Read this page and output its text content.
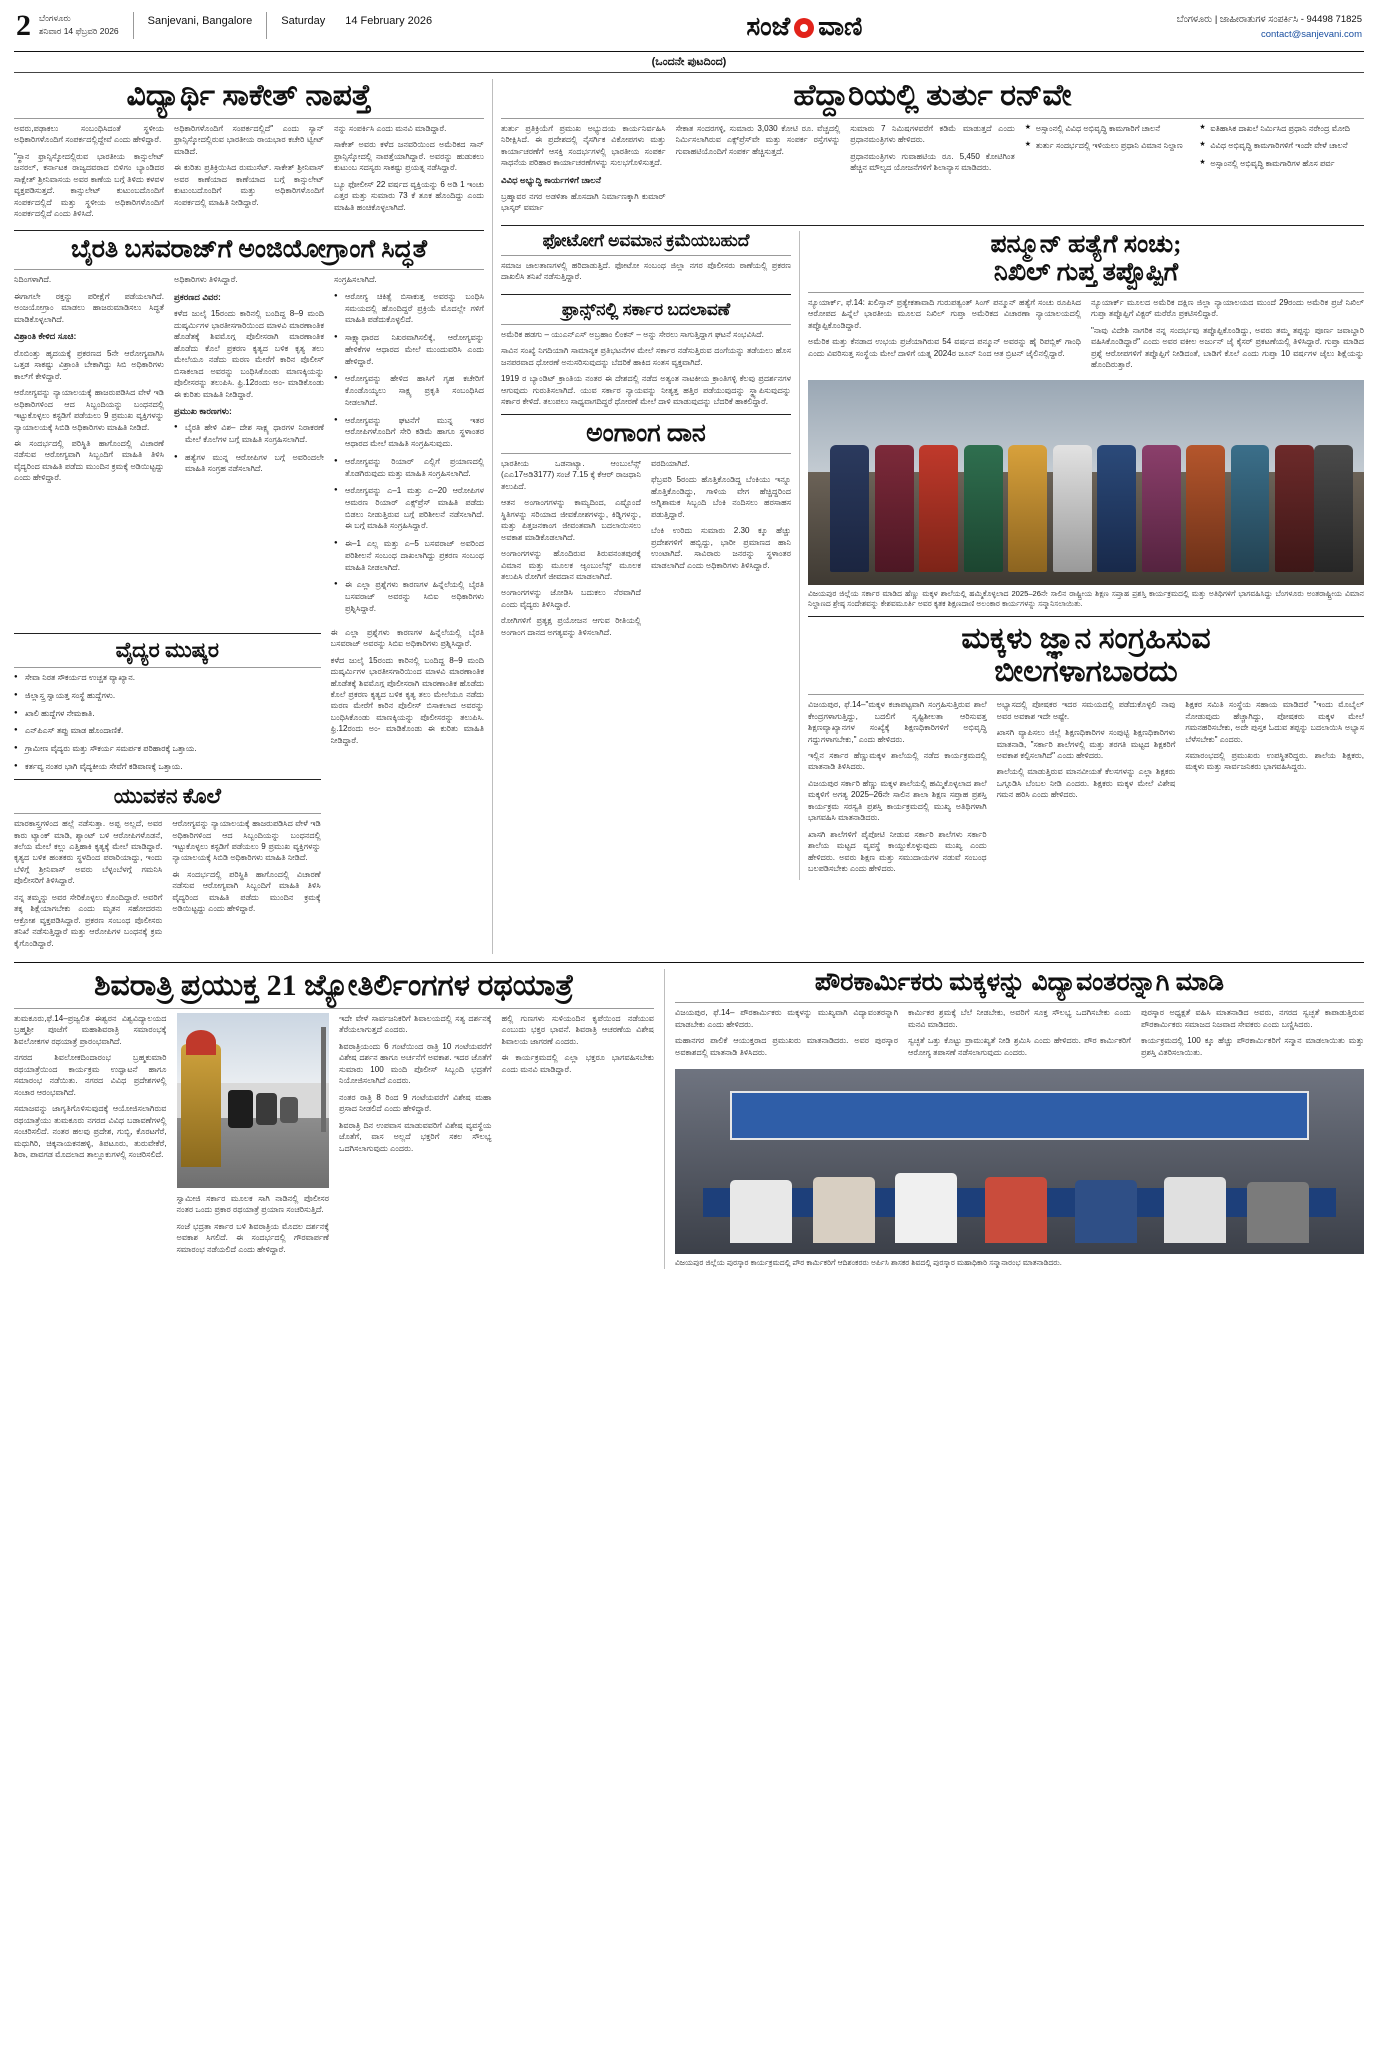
2 ಬೆಂಗಳೂರು
ಶನಿವಾರ 14 ಫೆಬ್ರವರಿ 2026
Sanjevani, Bangalore	Saturday	14 February 2026	ಸಂಜೆ ವಾಣಿ	ಬೆಂಗಳೂರು | ಜಾಹೀರಾತುಗಳ ಸಂಪರ್ಕಿಸಿ - 94498 71825
contact@sanjevani.com
(ಒಂದನೇ ಪುಟದಿಂದ)
ವಿದ್ಯಾರ್ಥಿ ಸಾಕೇತ್ ನಾಪತ್ತೆ

ಅವರು,ಪಢಾಕಲು ಸಂಬಂಧಿಸಿದಂತೆ ಸ್ಥಳೀಯ ಅಧಿಕಾರಿಗಳೊಂದಿಗೆ ಸಂಪರ್ಕದಲ್ಲಿದ್ದೇವೆ ಎಂದು ಹೇಳಿದ್ದಾರೆ.

"ಸ್ಥಾನ ಫ್ರಾನ್ಸಿಸ್ಕೋದಲ್ಲಿರುವ ಭಾರತೀಯ ಕಾನ್ಸುಲೇಟ್ ಜನರಲ್, ಕರ್ನಾಟಕ ರಾಜ್ಯದವರಾದ ಬಿಳಿಗಂ ಬ್ಯಾಂಡಿದರ ಸಾಕ್ಷೇತ್ ಶ್ರೀನಿವಾಸಯ ಅವರ ಕಾಣೆಯ ಬಗ್ಗೆ ತಿಳಿದು ಕಳವಳ ವ್ಯಕ್ತಪಡಿಸುತ್ತದೆ. ಕಾನ್ಸುಲೇಟ್ ಕುಟುಂಬದೊಂದಿಗೆ ಸಂಪರ್ಕದಲ್ಲಿದೆ ಮತ್ತು ಸ್ಥಳೀಯ ಅಧಿಕಾರಿಗಳೊಂದಿಗೆ ಸಂಪರ್ಕದಲ್ಲಿದೆ ಎಂದು ತಿಳಿಸಿದೆ.

ಅಧಿಕಾರಿಗಳೊಂದಿಗೆ ಸಂಪರ್ಕದಲ್ಲಿದೆ" ಎಂದು ಸ್ಯಾನ್ ಫ್ರಾನ್ಸಿಸ್ಕೋದಲ್ಲಿರುವ ಭಾರತೀಯ ರಾಯಭಾರ ಕಚೇರಿ ಟ್ವೀಟ್ ಮಾಡಿದೆ.

ಈ ಕುರಿತು ಪ್ರತಿಕ್ರಿಯಿಸಿದ ರುಮುಸೆಟ್. ಸಾಕೇತ್ ಶ್ರೀನಿವಾಸ್ ಅವರ ಕಾಣೆಯಾದ ಕಾಣೆಯಾದ ಬಗ್ಗೆ ಕಾನ್ಸುಲೇಟ್ ಕುಟುಂಬದೊಂದಿಗೆ ಮತ್ತು ಅಧಿಕಾರಿಗಳೊಂದಿಗೆ ಸಂಪರ್ಕದಲ್ಲಿ ಮಾಹಿತಿ ನೀಡಿದ್ದಾರೆ.

ನನ್ನು ಸಂಪರ್ಕಿಸಿ ಎಂದು ಮನವಿ ಮಾಡಿದ್ದಾರೆ.

ಸಾಕೇತ್ ಅವರು ಕಳೆದ ಜನವರಿಯಿಂದ ಅಮೆರಿಕದ ಸಾನ್ ಫ್ರಾನ್ಸಿಸ್ಕೋದಲ್ಲಿ ನಾಪತ್ತೆಯಾಗಿದ್ದಾರೆ. ಅವರನ್ನು ಹುಡುಕಲು ಕುಟುಂಬ ಸದಸ್ಯರು ಸಾಕಷ್ಟು ಪ್ರಯತ್ನ ನಡೆಸಿದ್ದಾರೆ.

ಬ್ಯೂ ಫೋಲೀಸ್ 22 ವರ್ಷದ ವ್ಯಕ್ತಿಯನ್ನು 6 ಅಡಿ 1 ಇಂಚು ಎತ್ತರ ಮತ್ತು ಸುಮಾರು 73 ಕೆ ತೂಕ ಹೊಂದಿದ್ದು ಎಂದು ಮಾಹಿತಿ ಹಂಚಿಕೊಳ್ಳಲಾಗಿದೆ.

ಬೈರತಿ ಬಸವರಾಜ್‌ಗೆ ಅಂಜಿಯೋಗ್ರಾಂಗೆ ಸಿದ್ಧತೆ

ನಿದಿಂಗಳಾಗಿದೆ.

ಈಗಾಗಲೇ ರಕ್ತನ್ನು ಪರೀಕ್ಷೆಗೆ ಪಡೆಯಲಾಗಿದೆ. ಅಂಜಯೋಗ್ರಾಂ ಮಾಡಲು ಹಾಜರುಮಾಡಿಸಲು ಸಿದ್ಧತೆ ಮಾಡಿಕೊಳ್ಳಲಾಗಿದೆ.

ವಿಶ್ರಾಂತಿ ಕೇಳಿದ ಸೂಚಿ:

ರೊಬಿಂತ್ತು ಹೃದಯಕ್ಕೆ ಪ್ರಕರಣದ 5ನೇ ಆರೋಗ್ಯವಾಗಿಸಿ ಒತ್ತಡ ಸಾಕಷ್ಟು ವಿಶ್ರಾಂತಿ ಬೇಕಾಗಿದ್ದು ಸಿಬಿ ಅಧಿಕಾರಿಗಳು ಕಾಲ್‌ಗೆ ಕೇಳಿದ್ದಾರೆ.

ಆರೋಗ್ಯವನ್ನು ನ್ಯಾಯಾಲಯಕ್ಕೆ ಹಾಜರುಪಡಿಸಿದ ವೇಳೆ ಇಡಿ ಅಧಿಕಾರಿಗಳಿಂದ ಆದ ಸಿಬ್ಬಂದಿಯನ್ನು ಬಂಧನದಲ್ಲಿ ಇಟ್ಟುಕೊಳ್ಳಲು ಕಸ್ಟಡಿಗೆ ಪಡೆಯಲು 9 ಪ್ರಮುಖ ವ್ಯಕ್ತಿಗಳನ್ನು ನ್ಯಾಯಾಲಯಕ್ಕೆ ಸಿಬಿಡಿ ಅಧಿಕಾರಿಗಳು ಮಾಹಿತಿ ನೀಡಿದೆ.

ಈ ಸಂದರ್ಭದಲ್ಲಿ ಪರಿಸ್ಥಿತಿ ಹಾಗೊಂದಲ್ಲಿ ವಿಚಾರಣೆ ನಡೆಸುವ ಆರೋಗ್ಯವಾಗಿ ಸಿಬ್ಬಂದಿಗೆ ಮಾಹಿತಿ ತಿಳಿಸಿ ವೈದ್ಯರಿಂದ ಮಾಹಿತಿ ಪಡೆದು ಮುಂದಿನ ಕ್ರಮಕ್ಕೆ ಅಡಿಯಿಟ್ಟದ್ದು ಎಂದು ಹೇಳಿದ್ದಾರೆ.

ಅಧಿಕಾರಿಗಳು ತಿಳಿಸಿದ್ದಾರೆ.

ಪ್ರಕರಣದ ವಿವರ:

ಕಳೆದ ಜುಲೈ 15ರಂದು ಕಾರಿನಲ್ಲಿ ಬಂದಿದ್ದ 8–9 ಮಂದಿ ದುಷ್ಕರ್ಮಿಗಳ ಭಾರತೀಸಗಾರಿಯಿಂದ ಮಾಳವಿ ಮಾರಣಾಂತಿಕ ಹೊಡೆತಕ್ಕೆ ಶಿವಮೊಗ್ಗ ಪೊಲೀಸರಾಗಿ ಮಾರಣಾಂತಿಕ ಹೊಡೆದು ಕೊಲೆ ಪ್ರಕರಣ ಕೃತ್ಯದ ಬಳಿಕ ಕೃತ್ಯ ತಲು ಮೇಲೆಯೂ ನಡೆದು ಮರಣ ಮೇರೆಗೆ ಕಾರಿನ ಪೊಲೀಸ್ ಬಿಸಾಕಲಾದ ಅವರನ್ನು ಬಂಧಿಸಿಕೊಂಡು ಮಾಣಕ್ಕಿಯನ್ನು ಪೊಲೀಸರನ್ನು ತಲುಪಿಸಿ. ಫ್ರಿ.12ರಂದು ಅಂ- ಮಾಡಿಕೊಂಡು ಈ ಕುರಿತು ಮಾಹಿತಿ ನೀಡಿದ್ದಾರೆ.

ಪ್ರಮುಖ ಕಾರಣಗಳು:

● ಬೈರತಿ ಹೇಳಿ ವಿಶ– ದೇಶ ಸಾಕ್ಷ್ಯ ಧಾರಗಳ ನಿರಾಕರಣೆ ಮೇಲೆ ಕೊಲೆಗಳ ಬಗ್ಗೆ ಮಾಹಿತಿ ಸಂಗ್ರಹಿಸಲಾಗಿದೆ.
● ಹತ್ಯೆಗಳ ಮುನ್ನ ಆರೋಪಿಗಳ ಬಗ್ಗೆ ಅವರಿಂದಲೇ ಮಾಹಿತಿ ಸಂಗ್ರಹ ನಡೆಸಲಾಗಿದೆ.

ಸಂಗ್ರಹಿಸಲಾಗಿದೆ.

● ಆರೋಗ್ಯ ಚಿಕಿತ್ಸೆ ಬಿಸಾಕುತ್ತ ಅವರನ್ನು ಬಂಧಿಸಿ ಸಮಯದಲ್ಲಿ ಹೊಂದಿದ್ದರೆ ಪ್ರಕ್ರಿಯೆ ಮೊದಲ್ಲೇ ಗಳಿಗೆ ಮಾಹಿತಿ ಪಡೆದುಕೊಳ್ಳಲಿದೆ.
● ಸಾಕ್ಷ್ಯಾಧಾರದ ನಿಖರವಾಗಿಸಲಿಕ್ಕೆ, ಆರೋಗ್ಯವನ್ನು ಹೇಳಿಕೆಗಳ ಆಧಾರದ ಮೇಲೆ ಮುಂದುವರಿಸಿ ಎಂದು ಹೇಳಿದ್ದಾರೆ.
● ಆರೋಗ್ಯವನ್ನು ಹೇಳಿದ ಹಾಸಿಗೆ ಗೃಹ ಕಚೇರಿಗೆ ಕೊಂಡೊಯ್ಯಲು ಸಾಕ್ಷ್ಯ ಪ್ರಕೃತಿ ಸಂಬಂಧಿಸಿದ ನೀಡಲಾಗಿದೆ.
● ಆರೋಗ್ಯವನ್ನು ಘಟನೆಗೆ ಮುನ್ನ ಇತರ ಆರೋಪಿಗಳೊಂದಿಗೆ ಸೇರಿ ಕಡಿಮೆ ಹಾಗೂ ಸ್ಥಳಾಂತರ ಆಧಾರದ ಮೇಲೆ ಮಾಹಿತಿ ಸಂಗ್ರಹಿಸುವುದು.
● ಆರೋಗ್ಯವನ್ನು ರಿಯಾರ್ ಎಲ್ಲಿಗೆ ಪ್ರಯಾಣದಲ್ಲಿ ತೊಡಗಿರುವುದು ಮತ್ತು ಮಾಹಿತಿ ಸಂಗ್ರಹಿಸಲಾಗಿದೆ.
● ಆರೋಗ್ಯವನ್ನು ಎ–1 ಮತ್ತು ಎ–20 ಆರೋಪಿಗಳ ಆಮರಣ ರಿಯಾರ್ ಎಕ್ಸ್‌ಪ್ರೆಸ್ ಮಾಹಿತಿ ಪಡೆದು ಬಿಡಲು ನೀಡುತ್ತಿರುವ ಬಗ್ಗೆ ಪರಿಶೀಲನೆ ನಡೆಸಲಾಗಿದೆ. ಈ ಬಗ್ಗೆ ಮಾಹಿತಿ ಸಂಗ್ರಹಿಸಿದ್ದಾರೆ.
● ಈ–1 ಎಲ್ಲ ಮತ್ತು ಎ–5 ಬಸವರಾಜ್ ಅವರಿಂದ ಪರಿಶೀಲನೆ ಸಂಬಂಧ ದಾಖಲಾಗಿದ್ದು ಪ್ರಕರಣ ಸಂಬಂಧ ಮಾಹಿತಿ ನೀಡಲಾಗಿದೆ.
● ಈ ಎಲ್ಲಾ ಪ್ರಶ್ನೆಗಳು ಕಾರಣಗಳ ಹಿನ್ನೆಲೆಯಲ್ಲಿ ಬೈರತಿ ಬಸವರಾಜ್ ಅವರನ್ನು ಸಿಬಿಐ ಅಧಿಕಾರಿಗಳು ಪ್ರಶ್ನಿಸಿದ್ದಾರೆ.
ವೈದ್ಯರ ಮುಷ್ಕರ
● ಸೇವಾ ನಿರತ ಸೌಕರ್ಯದ ಉಚ್ಚತ ವ್ಯಾಖ್ಯಾನ.
● ಜಿಲ್ಲಾಸ್ತ್ರ ಸ್ವಾಯತ್ತ ಸಂಸ್ಥೆ ಹುದ್ದೆಗಳು.
● ಖಾಲಿ ಹುದ್ದೆಗಳ ನೇಮಕಾತಿ.
● ಎನ್‌ಪಿಎಸ್ ತಪ್ಪು ಮಾಡ ಹೊಂದಾಣಿಕೆ.
● ಗ್ರಾಮೀಣ ವೈದ್ಯರು ಮತ್ತು ಸೌಕರ್ಯ ಸಮರ್ಪಕ ಪರಿಹಾರಕ್ಕೆ ಒತ್ತಾಯ.
● ಕರ್ತವ್ಯ ನಂತರ ಭಾಗಿ ವೈದ್ಯಕೀಯ ಸೇವೆಗೆ ಕಡಿವಾಣಕ್ಕೆ ಒತ್ತಾಯ.
ಯುವಕನ ಕೊಲೆ

ಮಾರಕಾಸ್ತ್ರಗಳಿಂದ ಹಲ್ಲೆ ನಡೆಸುತ್ತಾ. ಅಪ್ಪ ಅಲ್ಲದೆ, ಅವರ ಕಾರು ಟ್ಯಾಂಕ್ ಮಾಡಿ, ಶ್ಯಾಂಟ್ ಬಳಿ ಆರೋಪಿಗಳೊಡನೆ, ತಲೆಯ ಮೇಲೆ ಕಲ್ಲು ಎತ್ತಿಹಾಕಿ ಕೃತ್ಯಕ್ಕೆ ಮೇಲೆ ಮಾಡಿದ್ದಾರೆ. ಕೃತ್ಯದ ಬಳಿಕ ಹಂತಕರು ಸ್ಥಳದಿಂದ ಪರಾರಿಯಾದ್ದು, ಇಂದು ಬೆಳಿಗ್ಗೆ ಶ್ರೀನಿವಾಸ್ ಅವರು ಬೆಳ್ಳಂಬೆಳಗ್ಗೆ ಗಮನಿಸಿ ಪೊಲೀಸರಿಗೆ ತಿಳಿಸಿದ್ದಾರೆ.

ನನ್ನ ತಮ್ಮನ್ನು ಅವರ ಸೇರಿಕೊಳ್ಳಲು ಕೊಂದಿದ್ದಾರೆ. ಅವರಿಗೆ ತಕ್ಕ ಶಿಕ್ಷೆಯಾಗಬೇಕು ಎಂದು ಮೃತನ ಸಹೋದರನು ಆಕ್ರೋಶ ವ್ಯಕ್ತಪಡಿಸಿದ್ದಾರೆ. ಪ್ರಕರಣ ಸಂಬಂಧ ಪೊಲೀಸರು ತನಿಖೆ ನಡೆಸುತ್ತಿದ್ದಾರೆ ಮತ್ತು ಆರೋಪಿಗಳ ಬಂಧನಕ್ಕೆ ಕ್ರಮ ಕೈಗೊಂಡಿದ್ದಾರೆ.

ಆರೋಗ್ಯವನ್ನು ನ್ಯಾಯಾಲಯಕ್ಕೆ ಹಾಜರುಪಡಿಸಿದ ವೇಳೆ ಇಡಿ ಅಧಿಕಾರಿಗಳಿಂದ ಆದ ಸಿಬ್ಬಂದಿಯನ್ನು ಬಂಧನದಲ್ಲಿ ಇಟ್ಟುಕೊಳ್ಳಲು ಕಸ್ಟಡಿಗೆ ಪಡೆಯಲು 9 ಪ್ರಮುಖ ವ್ಯಕ್ತಿಗಳನ್ನು ನ್ಯಾಯಾಲಯಕ್ಕೆ ಸಿಬಿಡಿ ಅಧಿಕಾರಿಗಳು ಮಾಹಿತಿ ನೀಡಿದೆ.

ಈ ಸಂದರ್ಭದಲ್ಲಿ ಪರಿಸ್ಥಿತಿ ಹಾಗೊಂದಲ್ಲಿ ವಿಚಾರಣೆ ನಡೆಸುವ ಆರೋಗ್ಯವಾಗಿ ಸಿಬ್ಬಂದಿಗೆ ಮಾಹಿತಿ ತಿಳಿಸಿ ವೈದ್ಯರಿಂದ ಮಾಹಿತಿ ಪಡೆದು ಮುಂದಿನ ಕ್ರಮಕ್ಕೆ ಅಡಿಯಿಟ್ಟದ್ದು ಎಂದು ಹೇಳಿದ್ದಾರೆ.

ಈ ಎಲ್ಲಾ ಪ್ರಶ್ನೆಗಳು ಕಾರಣಗಳ ಹಿನ್ನೆಲೆಯಲ್ಲಿ ಬೈರತಿ ಬಸವರಾಜ್ ಅವರನ್ನು ಸಿಬಿಐ ಅಧಿಕಾರಿಗಳು ಪ್ರಶ್ನಿಸಿದ್ದಾರೆ.

ಕಳೆದ ಜುಲೈ 15ರಂದು ಕಾರಿನಲ್ಲಿ ಬಂದಿದ್ದ 8–9 ಮಂದಿ ದುಷ್ಕರ್ಮಿಗಳ ಭಾರತೀಸಗಾರಿಯಿಂದ ಮಾಳವಿ ಮಾರಣಾಂತಿಕ ಹೊಡೆತಕ್ಕೆ ಶಿವಮೊಗ್ಗ ಪೊಲೀಸರಾಗಿ ಮಾರಣಾಂತಿಕ ಹೊಡೆದು ಕೊಲೆ ಪ್ರಕರಣ ಕೃತ್ಯದ ಬಳಿಕ ಕೃತ್ಯ ತಲು ಮೇಲೆಯೂ ನಡೆದು ಮರಣ ಮೇರೆಗೆ ಕಾರಿನ ಪೊಲೀಸ್ ಬಿಸಾಕಲಾದ ಅವರನ್ನು ಬಂಧಿಸಿಕೊಂಡು ಮಾಣಕ್ಕಿಯನ್ನು ಪೊಲೀಸರನ್ನು ತಲುಪಿಸಿ. ಫ್ರಿ.12ರಂದು ಅಂ- ಮಾಡಿಕೊಂಡು ಈ ಕುರಿತು ಮಾಹಿತಿ ನೀಡಿದ್ದಾರೆ.

ಹೆದ್ದಾರಿಯಲ್ಲಿ ತುರ್ತು ರನ್‌ವೇ

ತುರ್ತು ಪ್ರತಿಕ್ರಿಯೆಗೆ ಪ್ರಮುಖ ಅಭ್ಯುದಯ ಕಾರ್ಯನಿರ್ವಹಿಸಿ ನಿರೀಕ್ಷಿಸಿದೆ. ಈ ಪ್ರದೇಶದಲ್ಲಿ ನೈಸರ್ಗಿಕ ವಿಕೋಪಗಳು ಮತ್ತು ಕಾರ್ಯಾಚರಣೆಗೆ ಆಸಕ್ತಿ ಸಂದರ್ಭಗಳಲ್ಲಿ ಭಾರತೀಯ ಸಂಪರ್ಕ ಸಾಧನೆಯ ಪರಿಹಾರ ಕಾರ್ಯಾಚರಣೆಗಳನ್ನು ಸುಲಭಗೊಳಿಸುತ್ತದೆ.

ವಿವಿಧ ಅಭ್ಯುದ್ಧಿ ಕಾರ್ಯಗಳಿಗೆ ಚಾಲನೆ

ಬ್ರಹ್ಮಾವರ ನಗರ ಅಡಳಿತಾ ಹೊಸದಾಗಿ ನಿರ್ಮಾಣಕ್ಕಾಗಿ ಕುಮಾರ್ ಭಾಸ್ಕರ್ ವರ್ಮಾ

ಸೇಕಾತ ಸಂದರಗಳ್ಳಿ, ಸುಮಾರು 3,030 ಕೋಟಿ ರೂ. ವೆಚ್ಚದಲ್ಲಿ ನಿರ್ಮಿಸಲಾಗಿರುವ ಎಕ್ಸ್‌ಪ್ರೆಸ್‌ವೇ ಮತ್ತು ಸಂಪರ್ಕ ರಸ್ತೆಗಳನ್ನು ಗುವಾಹಟಿಯೊಂದಿಗೆ ಸಂಪರ್ಕ ಹೆಚ್ಚಿಸುತ್ತದೆ.

ಸುಮಾರು 7 ನಿಮಿಷಗಳವರೆಗೆ ಕಡಿಮೆ ಮಾಡುತ್ತದೆ ಎಂದು ಪ್ರಧಾನಮಂತ್ರಿಗಳು ಹೇಳಿದರು.

ಪ್ರಧಾನಮಂತ್ರಿಗಳು ಗುವಾಹಟಿಯ ರೂ. 5,450 ಕೋಟಿಗಿಂತ ಹೆಚ್ಚಿನ ಮೌಲ್ಯದ ಯೋಜನೆಗಳಿಗೆ ಶಿಲಾನ್ಯಾಸ ಮಾಡಿದರು.

★ ಅಸ್ಸಾಂನಲ್ಲಿ ವಿವಿಧ ಅಭಿವೃದ್ಧಿ ಕಾಮಗಾರಿಗೆ ಚಾಲನೆ
★ ತುರ್ತು ಸಂದರ್ಭದಲ್ಲಿ ಇಳಿಯಲು ಪ್ರಧಾನಿ ವಿಮಾನ ನಿಲ್ದಾಣ
★ ಐತಿಹಾಸಿಕ ದಾಖಲೆ ನಿರ್ಮಿಸಿದ ಪ್ರಧಾನಿ ನರೇಂದ್ರ ಮೋದಿ
★ ವಿವಿಧ ಅಭಿವೃದ್ಧಿ ಕಾಮಗಾರಿಗಳಿಗೆ ಇಂದೇ ವೇಳೆ ಚಾಲನೆ
★ ಅಸ್ಸಾಂನಲ್ಲಿ ಅಭಿವೃದ್ಧಿ ಕಾಮಗಾರಿಗಳ ಹೊಸ ಪರ್ವ
ಫೋಟೋಗೆ ಅವಮಾನ ಕ್ರಮೆಯಬಹುದೆ

ಸಮಾಜ ಜಾಲತಾಣಗಳಲ್ಲಿ ಹರಿದಾಡುತ್ತಿದೆ. ಫೋಟೋ ಸಂಬಂಧ ಜಿಲ್ಲಾ ನಗರ ಪೊಲೀಸರು ಠಾಣೆಯಲ್ಲಿ ಪ್ರಕರಣ ದಾಖಲಿಸಿ ತನಿಖೆ ನಡೆಸುತ್ತಿದ್ದಾರೆ.

ಫ್ರಾನ್ಸ್‌ನಲ್ಲಿ ಸರ್ಕಾರ ಬದಲಾವಣೆ

ಅಮೆರಿಕ ಹಡಗು – ಯುಎನ್‌ಎಸ್ ಅಬ್ರಹಾಂ ಲಿಂಕನ್ – ಅನ್ನು ಸೇರಲು ಸಾಗುತ್ತಿದ್ದಾಗ ಘಟನೆ ಸಂಭವಿಸಿದೆ.

ಸಾವಿನ ಸಂಖ್ಯೆ ನಿಗದಿಯಾಗಿ ಸಾಮಾನ್ಯಕ ಪ್ರತಿಭಟನೆಗಳ ಮೇಲೆ ಸರ್ಕಾರ ನಡೆಸುತ್ತಿರುವ ದಂಗೆಯನ್ನು ತಡೆಯಲು ಹೊಸ ಜನಪರವಾದ ಧೋರಣೆ ಅನುಸರಿಸುವುದನ್ನು ಬೆದರಿಕೆ ಹಾಕಿದ ಸಂತಸ ವ್ಯಕ್ತವಾಗಿದೆ.

1919 ರ ಬ್ಯಾಂಡಿಟ್ ಕ್ರಾಂತಿಯ ನಂತರ ಈ ದೇಶದಲ್ಲಿ ನಡೆದ ಅತ್ಯಂತ ನಾಟಕೀಯ ಕ್ರಾಂತಿಗಳ್ಳಿ ಕೆಲವು ಪ್ರದರ್ಶನಗಳ ಆಗುವುದು ಗುರುತಿಸಲಾಗಿದೆ. ಯುವ ಸರ್ಕಾರ ನ್ಯಾಯವನ್ನು ನೀತ್ಯತ್ತ ಹತ್ತಿರ ಪಡೆಯುವುದನ್ನು ಸ್ಥ್ಯಾಪಿಸುವುದನ್ನು ಸರ್ಕಾರ ಕೇಳಿದೆ. ತಲುಪಲು ಸಾಧ್ಯವಾಗದಿದ್ದರೆ ಧೋರಣೆ ಮೇಲೆ ದಾಳಿ ಮಾಡುವುದನ್ನು ಬೆದರಿಕೆ ಹಾಕಲಿದ್ದಾರೆ.

ಅಂಗಾಂಗ ದಾನ

ಭಾರತೀಯ ಒಡನಾಟ್ಯಾ. ಆಂಬುಲೆನ್ಸ್ (ಎಎ17ಅಡಿ3177) ಸಂಜೆ 7.15 ಕ್ಕೆ ಕೆಆರ್ ರಾಜಧಾನಿ ತಲುಪಿದೆ.

ಆತನ ಅಂಗಾಂಗಗಳನ್ನು ಕಾಮ್ಯದಿಂದ, ಎಷ್ಟೊಂದೆ ಸ್ಥಿತಿಗಳನ್ನು ಸರಿಯಾದ ಜೀವಕೋಶಗಳನ್ನು, ಕಿಡ್ನಿಗಳನ್ನು, ಮತ್ತು ಪಿತ್ತಜನಕಾಂಗ ಜೀವಂತವಾಗಿ ಬದಲಾಯಿಸಲು ಅವಕಾಶ ಮಾಡಿಕೊಡಲಾಗಿದೆ.

ಅಂಗಾಂಗಗಳನ್ನು ಹೊಂದಿರುವ ತಿರುವನಂತಪುರಕ್ಕೆ ವಿಮಾನ ಮತ್ತು ಮೂಲಕ ಆ್ಯಂಬುಲೆನ್ಸ್ ಮೂಲಕ ತಲುಪಿಸಿ ರೋಗಿಗೆ ಜೀವದಾನ ಮಾಡಲಾಗಿದೆ.

ಅಂಗಾಂಗಗಳನ್ನು ಜೋಡಿಸಿ ಬದುಕಲು ನೆರವಾಗಿದೆ ಎಂದು ವೈದ್ಯರು ತಿಳಿಸಿದ್ದಾರೆ.

ರೋಗಿಗಳಿಗೆ ಪ್ರತ್ಯಕ್ಷ ಪ್ರಯೋಜನ ಆಗುವ ರೀತಿಯಲ್ಲಿ ಅಂಗಾಂಗ ದಾನದ ಅಗತ್ಯವನ್ನು ತಿಳಿಸಲಾಗಿದೆ.

ವರದಿಯಾಗಿದೆ.

ಫೆಬ್ರವರಿ 5ರಂದು ಹೊತ್ತಿಕೊಂಡಿದ್ದ ಬೆಂಕಿಯು ಇನ್ನೂ ಹೊತ್ತಿಕೊಂಡಿದ್ದು, ಗಾಳಿಯ ವೇಗ ಹೆಚ್ಚಿದ್ದರಿಂದ ಅಗ್ನಿಶಾಮಕ ಸಿಬ್ಬಂದಿ ಬೆಂಕಿ ನಂದಿಸಲು ಹರಸಾಹಸ ಪಡುತ್ತಿದ್ದಾರೆ.

ಬೆಂಕಿ ಉರಿದು ಸುಮಾರು 2.30 ಕ್ಕೂ ಹೆಚ್ಚು ಪ್ರದೇಶಗಳಿಗೆ ಹಬ್ಬಿದ್ದು, ಭಾರೀ ಪ್ರಮಾಣದ ಹಾನಿ ಉಂಟಾಗಿದೆ. ಸಾವಿರಾರು ಜನರನ್ನು ಸ್ಥಳಾಂತರ ಮಾಡಲಾಗಿದೆ ಎಂದು ಅಧಿಕಾರಿಗಳು ತಿಳಿಸಿದ್ದಾರೆ.

ಪನ್ಮೂನ್ ಹತ್ಯೆಗೆ ಸಂಚು;
ನಿಖಿಲ್ ಗುಪ್ತ ತಪ್ಪೊಪ್ಪಿಗೆ

ನ್ಯೂಯಾರ್ಕ್, ಫೆ.14: ಖಲಿಸ್ತಾನ್ ಪ್ರತ್ಯೇಕತಾವಾದಿ ಗುರುಪತ್ವಂತ್ ಸಿಂಗ್ ಪನ್ಮೂನ್ ಹತ್ಯೆಗೆ ಸಂಚು ರೂಪಿಸಿದ ಆರೋಪದ ಹಿನ್ನೆಲೆ ಭಾರತೀಯ ಮೂಲದ ನಿಖಿಲ್ ಗುಪ್ತಾ ಅಮೆರಿಕದ ವಿಚಾರಣಾ ನ್ಯಾಯಾಲಯದಲ್ಲಿ ತಪ್ಪೊಪ್ಪಿಕೊಂಡಿದ್ದಾರೆ.

ಅಮೆರಿಕ ಮತ್ತು ಕೆನಡಾದ ಉಭಯ ಪ್ರಜೆಯಾಗಿರುವ 54 ವರ್ಷದ ಪನ್ಮೂನ್ ಅವರನ್ನು ಹೈ ರಿಪಬ್ಲಿಕ್ ಗಾಂಧಿ ಎಂದು ವಿವರಿಸುತ್ತ ಸಂಸ್ಥೆಯ ಮೇಲೆ ದಾಳಿಗೆ ಯತ್ನ 2024ರ ಜೂನ್ ನಿಂದ ಆತ ಬ್ರಿಟನ್ ಜೈಲಿನಲ್ಲಿದ್ದಾರೆ.

ನ್ಯೂಯಾರ್ಕ್ ಮೂಲದ ಅಮೆರಿಕ ದಕ್ಷಿಣ ಜಿಲ್ಲಾ ನ್ಯಾಯಾಲಯದ ಮುಂದೆ 29ರಂದು ಅಮೆರಿಕ ಪ್ರಜೆ ನಿಖಿಲ್ ಗುಪ್ತಾ ತಪ್ಪೊಪ್ಪಿಗೆ ವಿಕ್ಟರ್ ಮರೆರೊ ಪ್ರಕಟಿಸಲಿದ್ದಾರೆ.

"ನಾವು ವಿದೇಶಿ ನಾಗರಿಕ ನನ್ನ ಸಂದರ್ಭವು ತಪ್ಪೊಪ್ಪಿಕೊಂಡಿದ್ದು, ಅವರು ತಮ್ಮ ತಪ್ಪನ್ನು ಪೂರ್ಣ ಜವಾಬ್ದಾರಿ ವಹಿಸಿಕೊಂಡಿದ್ದಾರೆ" ಎಂದು ಅವರ ವಕೀಲ ಅರ್ಜುನ್ ಜೈ ಕೈಸರ್ ಪ್ರಕಟಣೆಯಲ್ಲಿ ತಿಳಿಸಿದ್ದಾರೆ. ಗುಪ್ತಾ ಮಾಡಿದ ಪ್ರಶ್ನೆ ಆರೋಪಗಳಿಗೆ ತಪ್ಪೊಪ್ಪಿಗೆ ನೀಡಿದಂತೆ, ಬಾಡಿಗೆ ಕೊಲೆ ಎಂದು ಗುಪ್ತಾ 10 ವರ್ಷಗಳ ಜೈಲು ಶಿಕ್ಷೆಯನ್ನು ಹೊಂದಿರುತ್ತಾರೆ.

ವಿಜಯಪುರ ಜಿಲ್ಲೆಯ ಸರ್ಕಾರ ಮಾಡಿದ ಹೆಣ್ಣು ಮಕ್ಕಳ ಶಾಲೆಯಲ್ಲಿ ಹಮ್ಮಿಕೊಳ್ಳಲಾದ 2025–26ನೇ ಸಾಲಿನ ರಾಷ್ಟ್ರೀಯ ಶಿಕ್ಷಣ ಸಪ್ತಾಹ ಪ್ರಶಸ್ತಿ ಕಾರ್ಯಕ್ರಮದಲ್ಲಿ ಮತ್ತು ಅತಿಥಿಗಳಿಗೆ ಭಾಗವಹಿಸಿದ್ದು ಬೆಂಗಳೂರು ಅಂತರಾಷ್ಟ್ರೀಯ ವಿಮಾನ ನಿಲ್ದಾಣದ ಶ್ರೇಷ್ಠ ಸಂದೇಶವನ್ನು ಕೇಶವಮೂರ್ತಿ ಅವರ ಕೃತಕ ಶಿಕ್ಷಣದಾಣಿ ಅಲಂಕಾರ ಕಾರ್ಯಗಳನ್ನು ಸನ್ಮಾನಿಸಲಾಯಿತು.
ಮಕ್ಕಳು ಜ್ಞಾನ ಸಂಗ್ರಹಿಸುವ
ಬೀಲಗಳಾಗಬಾರದು

ವಿಜಯಪುರ, ಫೆ.14–"ಮಕ್ಕಳ ಕಚಾಪಟ್ಟವಾಗಿ ಸಂಗ್ರಹಿಸುತ್ತಿರುವ ಶಾಲೆ ಕೇಂದ್ರಗಳಾಗುತ್ತಿದ್ದು, ಬದಲಿಗೆ ಸೃಷ್ಟಿಶೀಲತಾ ಆರಿಸುವತ್ತ ಶಿಕ್ಷಣವ್ಯಾಖ್ಯಾನಗಳ ಸಂಖ್ಯೆಕ್ಕೆ ಶಿಕ್ಷಣಧಿಕಾರಿಗಳಿಗೆ ಅಭಿವೃದ್ಧಿ ಗದ್ದುಗಳಾಗಬೇಕು," ಎಂದು ಹೇಳಿದರು.

ಇಲ್ಲಿನ ಸರ್ಕಾರ ಹೆಣ್ಣುಮಕ್ಕಳ ಶಾಲೆಯಲ್ಲಿ ನಡೆದ ಕಾರ್ಯಕ್ರಮದಲ್ಲಿ ಮಾತನಾಡಿ ತಿಳಿಸಿದರು.

ವಿಜಯಪುರ ಸರ್ಕಾರಿ ಹೆಣ್ಣು ಮಕ್ಕಳ ಶಾಲೆಯಲ್ಲಿ ಹಮ್ಮಿಕೊಳ್ಳಲಾದ ಶಾಲೆ ಮಕ್ಕಳಿಗೆ ಅಗತ್ಯ 2025–26ನೇ ಸಾಲಿನ ಶಾಲಾ ಶಿಕ್ಷಣ ಸಪ್ತಾಹ ಪ್ರಶಸ್ತಿ ಕಾರ್ಯಕ್ರಮ ಸರಸ್ವತಿ ಪ್ರಶಸ್ತಿ ಕಾರ್ಯಕ್ರಮದಲ್ಲಿ ಮುಖ್ಯ ಅತಿಥಿಗಳಾಗಿ ಭಾಗವಹಿಸಿ ಮಾತನಾಡಿದರು.

ಖಾಸಗಿ ಶಾಲೆಗಳಿಗೆ ಪೈಪೋಟಿ ನೀಡುವ ಸರ್ಕಾರಿ ಶಾಲೆಗಳು ಸರ್ಕಾರಿ ಶಾಲೆಯ ಮಟ್ಟದ ವ್ಯವಸ್ಥೆ ಕಾಯ್ದುಕೊಳ್ಳುವುದು ಮುಖ್ಯ ಎಂದು ಹೇಳಿದರು. ಅವರು ಶಿಕ್ಷಣ ಮತ್ತು ಸಮುದಾಯಗಳ ನಡುವೆ ಸಂಬಂಧ ಬಲಪಡಿಸಬೇಕು ಎಂದು ಹೇಳಿದರು.

ಅಭ್ಯಾಸದಲ್ಲಿ ಪೋಷಕರ ಇದರ ಸಮಯದಲ್ಲಿ ಪಡೆದುಕೊಳ್ಳಲಿ ನಾವು ಅವರ ಅವಕಾಶ ಇದೇ ಅಷ್ಟೇ.

ಖಾಸಗಿ ವ್ಯಾಪಿಸಲು ಜಿಲ್ಲೆ ಶಿಕ್ಷಣಧಿಕಾರಿಗಳ ಸಂಪುಟ್ಟಿ ಶಿಕ್ಷಣಧಿಕಾರಿಗಳು ಮಾತನಾಡಿ, "ಸರ್ಕಾರಿ ಶಾಲೆಗಳಲ್ಲಿ ಮತ್ತು ತರಗತಿ ಮಟ್ಟದ ಶಿಕ್ಷಕರಿಗೆ ಅವಕಾಶ ಕಲ್ಪಿಸಲಾಗಿದೆ" ಎಂದು ಹೇಳಿದರು.

ಶಾಲೆಯಲ್ಲಿ ಮಾಡುತ್ತಿರುವ ಮಾನವೀಯತೆ ಕೆಲಸಗಳನ್ನು ಎಲ್ಲಾ ಶಿಕ್ಷಕರು ಒಗ್ಗೂಡಿಸಿ ಬೆಂಬಲ ನೀಡಿ ಎಂದರು. ಶಿಕ್ಷಕರು ಮಕ್ಕಳ ಮೇಲೆ ವಿಶೇಷ ಗಮನ ಹರಿಸಿ ಎಂದು ಹೇಳಿದರು.

ಶಿಕ್ಷಕರ ಸಮಿತಿ ಸಂಸ್ಥೆಯ ಸಹಾಯ ಮಾಡಿದರೆ "ಇಂದು ಮೊಬೈಲ್ ನೋಡುವುದು ಹೆಚ್ಚಾಗಿದ್ದು, ಪೋಷಕರು ಮಕ್ಕಳ ಮೇಲೆ ಗಮನಹರಿಸಬೇಕು, ಅದೇ ಪುಸ್ತಕ ಓದುವ ತಪ್ಪನ್ನು ಬದಲಾಯಿಸಿ ಅಭ್ಯಾಸ ಬೆಳೆಸಬೇಕು" ಎಂದರು.

ಸಮಾರಂಭದಲ್ಲಿ ಪ್ರಮುಖರು ಉಪಸ್ಥಿತರಿದ್ದರು. ಶಾಲೆಯ ಶಿಕ್ಷಕರು, ಮಕ್ಕಳು ಮತ್ತು ಸಾರ್ವಜನಿಕರು ಭಾಗವಹಿಸಿದ್ದರು.

ಶಿವರಾತ್ರಿ ಪ್ರಯುಕ್ತ 21 ಜ್ಯೋತಿರ್ಲಿಂಗಗಳ ರಥಯಾತ್ರೆ

ತುಮಕೂರು,ಫೆ.14–ಪ್ರಜ್ವಲಿತ ಈಶ್ವರನ ವಿಶ್ವವಿದ್ಯಾಲಯದ ಬ್ರಹ್ಮಶ್ರೀ ಪೂಜೆಗೆ ಮಹಾಶಿವರಾತ್ರಿ ಸಮಾರಂಭಕ್ಕೆ ಶಿವಲೋಕಗಳ ರಥಯಾತ್ರೆ ಪ್ರಾರಂಭವಾಗಿದೆ.

ನಗರದ ಶಿವಲೋಕದಿಂದಾರಂಭ ಬ್ರಹ್ಮಕುಮಾರಿ ರಥಯಾತ್ರೆಯಿಂದ ಕಾರ್ಯಕ್ರಮ ಉದ್ಘಾಟನೆ ಹಾಗೂ ಸಮಾರಂಭ ನಡೆಯಿತು. ನಗರದ ವಿವಿಧ ಪ್ರದೇಶಗಳಲ್ಲಿ ಸಂಚಾರ ಆರಂಭವಾಗಿದೆ.

ಸಮಾಜವನ್ನು ಜಾಗೃತಿಗೊಳಿಸುವುದಕ್ಕೆ ಆಯೋಜಿಸಲಾಗಿರುವ ರಥಯಾತ್ರೆಯು ತುಮಕೂರು ನಗರದ ವಿವಿಧ ಬಡಾವಣೆಗಳಲ್ಲಿ ಸಂಚರಿಸಲಿದೆ. ನಂತರ ಹಲವು ಪ್ರದೇಶ, ಗುಬ್ಬಿ, ಕೊರಟಗೆರೆ, ಮಧುಗಿರಿ, ಚಿಕ್ಕನಾಯಕನಹಳ್ಳಿ, ತಿಪಟೂರು, ತುರುವೇಕೆರೆ, ಶಿರಾ, ಪಾವಗಡ ಮೊದಲಾದ ತಾಲ್ಲೂಕುಗಳಲ್ಲಿ ಸಂಚರಿಸಲಿದೆ.

ಸ್ವಾಮೀಜಿ ಸರ್ಕಾರ ಮೂಲಕ ಸಾಗಿ ನಾಡಿನಲ್ಲಿ ಪೊಲೀಸರ ನಂತರ ಒಂದು ಪ್ರಕಾರ ರಥಯಾತ್ರೆ ಪ್ರಯಾಣ ಸಂಚರಿಸುತ್ತಿದೆ.

ಸಂಜೆ ಭದ್ರತಾ ಸರ್ಕಾರ ಬಳಿ ಶಿವರಾತ್ರಿಯ ಮೊದಲ ದರ್ಶನಕ್ಕೆ ಅವಕಾಶ ಸಿಗಲಿದೆ. ಈ ಸಂದರ್ಭದಲ್ಲಿ ಗೌರವಾರ್ಪಣೆ ಸಮಾರಂಭ ನಡೆಯಲಿದೆ ಎಂದು ಹೇಳಿದ್ದಾರೆ.

ಇದೇ ವೇಳೆ ಸಾರ್ವಜನಿಕರಿಗೆ ಶಿವಾಲಯದಲ್ಲಿ ಸತ್ಯ ದರ್ಶನಕ್ಕೆ ತೆರೆಯಲಾಗುತ್ತದೆ ಎಂದರು.

ಶಿವರಾತ್ರಿಯಂದು 6 ಗಂಟೆಯಿಂದ ರಾತ್ರಿ 10 ಗಂಟೆಯವರೆಗೆ ವಿಶೇಷ ದರ್ಶನ ಹಾಗೂ ಅರ್ಚನೆಗೆ ಅವಕಾಶ. ಇದರ ಜೊತೆಗೆ ಸುಮಾರು 100 ಮಂದಿ ಪೊಲೀಸ್ ಸಿಬ್ಬಂದಿ ಭದ್ರತೆಗೆ ನಿಯೋಜಿಸಲಾಗಿದೆ ಎಂದರು.

ನಂತರ ರಾತ್ರಿ 8 ರಿಂದ 9 ಗಂಟೆಯವರೆಗೆ ವಿಶೇಷ ಮಹಾ ಪ್ರಸಾದ ನೀಡಲಿದೆ ಎಂದು ಹೇಳಿದ್ದಾರೆ.

ಶಿವರಾತ್ರಿ ದಿನ ಉಪವಾಸ ಮಾಡುವವರಿಗೆ ವಿಶೇಷ ವ್ಯವಸ್ಥೆಯ ಜೊತೆಗೆ, ವಾಸ ಅಲ್ಲದೆ ಭಕ್ತರಿಗೆ ಸಕಲ ಸೌಲಭ್ಯ ಒದಗಿಸಲಾಗುವುದು ಎಂದರು.

ಹಲ್ಲಿ ಗುಣಗಳು ಸುಳಿಯಂದಿನ ಕೃಪೆಯಿಂದ ನಡೆಯುವ ಎಂಬುದು ಭಕ್ತರ ಭಾವನೆ. ಶಿವರಾತ್ರಿ ಆಚರಣೆಯ ವಿಶೇಷ ಶಿವಾಲಯ ಜಾಗರಣೆ ಎಂದರು.

ಈ ಕಾರ್ಯಕ್ರಮದಲ್ಲಿ ಎಲ್ಲಾ ಭಕ್ತರೂ ಭಾಗವಹಿಸಬೇಕು ಎಂದು ಮನವಿ ಮಾಡಿದ್ದಾರೆ.

ಪೌರಕಾರ್ಮಿಕರು ಮಕ್ಕಳನ್ನು ವಿದ್ಯಾವಂತರನ್ನಾಗಿ ಮಾಡಿ

ವಿಜಯಪುರ, ಫೆ.14– ಪೌರಕಾರ್ಮಿಕರು ಮಕ್ಕಳನ್ನು ಮುಖ್ಯವಾಗಿ ವಿದ್ಯಾವಂತರನ್ನಾಗಿ ಮಾಡಬೇಕು ಎಂದು ಹೇಳಿದರು.

ಮಹಾನಗರ ಪಾಲಿಕೆ ಆಯುಕ್ತರಾದ ಪ್ರಮುಖರು ಮಾತನಾಡಿದರು. ಅವರ ಪುರಸ್ಕಾರ ಅವಕಾಶದಲ್ಲಿ ಮಾತನಾಡಿ ತಿಳಿಸಿದರು.

ಕಾರ್ಮಿಕರ ಶ್ರಮಕ್ಕೆ ಬೆಲೆ ನೀಡಬೇಕು, ಅವರಿಗೆ ಸೂಕ್ತ ಸೌಲಭ್ಯ ಒದಗಿಸಬೇಕು ಎಂದು ಮನವಿ ಮಾಡಿದರು.

ಸ್ವಚ್ಛತೆ ಒತ್ತು ಕೊಟ್ಟು ಪ್ರಾಮುಖ್ಯತೆ ನೀಡಿ ಶ್ರಮಿಸಿ ಎಂದು ಹೇಳಿದರು. ಪೌರ ಕಾರ್ಮಿಕರಿಗೆ ಆರೋಗ್ಯ ತಪಾಸಣೆ ನಡೆಸಲಾಗುವುದು ಎಂದರು.

ಪುರಸ್ಕಾರ ಅಧ್ಯಕ್ಷತೆ ವಹಿಸಿ ಮಾತನಾಡಿದ ಅವರು, ನಗರದ ಸ್ವಚ್ಛತೆ ಕಾಪಾಡುತ್ತಿರುವ ಪೌರಕಾರ್ಮಿಕರು ಸಮಾಜದ ನಿಜವಾದ ಸೇವಕರು ಎಂದು ಬಣ್ಣಿಸಿದರು.

ಕಾರ್ಯಕ್ರಮದಲ್ಲಿ 100 ಕ್ಕೂ ಹೆಚ್ಚು ಪೌರಕಾರ್ಮಿಕರಿಗೆ ಸನ್ಮಾನ ಮಾಡಲಾಯಿತು ಮತ್ತು ಪ್ರಶಸ್ತಿ ವಿತರಿಸಲಾಯಿತು.

ವಿಜಯಪುರ ಜಿಲ್ಲೆಯ ಪುರಸ್ಕಾರ ಕಾರ್ಯಕ್ರಮದಲ್ಲಿ ಪೌರ ಕಾರ್ಮಿಕರಿಗೆ ಆದಿಶಂಕರರು ಅರ್ಪಿಸಿ ಶಾಸಕರ ಶಿವದಲ್ಲಿ ಪುರಸ್ಕಾರ ಮಹಾಧಿಕಾರಿ ಸನ್ಮಾನಾರಂಭ ಮಾತನಾಡಿದರು.
